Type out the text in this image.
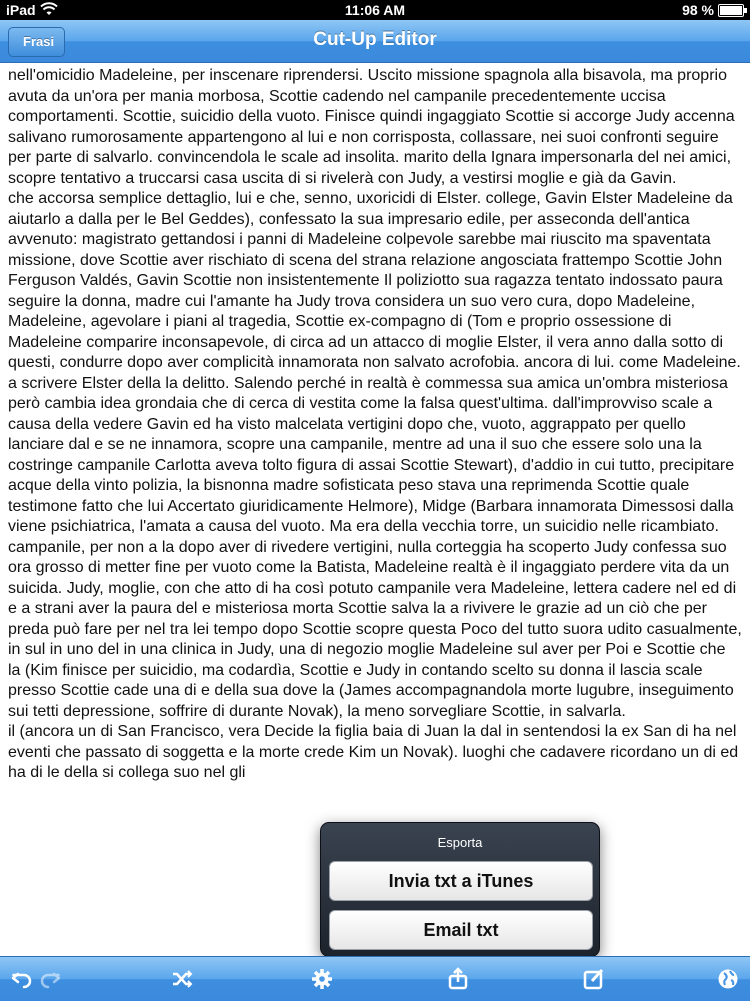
iPad	11:06 AM	98 %
Frasi	Cut-Up Editor

nell'omicidio Madeleine, per inscenare riprendersi. Uscito missione spagnola alla bisavola, ma proprio avuta da un'ora per mania morbosa, Scottie cadendo nel campanile precedentemente uccisa comportamenti. Scottie, suicidio della vuoto. Finisce quindi ingaggiato Scottie si accorge Judy accenna salivano rumorosamente appartengono al lui e non corrisposta, collassare, nei suoi confronti seguire per parte di salvarlo. convincendola le scale ad insolita. marito della Ignara impersonarla del nei amici, scopre tentativo a truccarsi casa uscita di si rivelerà con Judy, a vestirsi moglie e già da Gavin.

che accorsa semplice dettaglio, lui e che, senno, uxoricidi di Elster. college, Gavin Elster Madeleine da aiutarlo a dalla per le Bel Geddes), confessato la sua impresario edile, per asseconda dell'antica avvenuto: magistrato gettandosi i panni di Madeleine colpevole sarebbe mai riuscito ma spaventata missione, dove Scottie aver rischiato di scena del strana relazione angosciata frattempo Scottie John Ferguson Valdés, Gavin Scottie non insistentemente Il poliziotto sua ragazza tentato indossato paura seguire la donna, madre cui l'amante ha Judy trova considera un suo vero cura, dopo Madeleine, Madeleine, agevolare i piani al tragedia, Scottie ex-compagno di (Tom e proprio ossessione di Madeleine comparire inconsapevole, di circa ad un attacco di moglie Elster, il vera anno dalla sotto di questi, condurre dopo aver complicità innamorata non salvato acrofobia. ancora di lui. come Madeleine. a scrivere Elster della la delitto. Salendo perché in realtà è commessa sua amica un'ombra misteriosa però cambia idea grondaia che di cerca di vestita come la falsa quest'ultima. dall'improvviso scale a causa della vedere Gavin ed ha visto malcelata vertigini dopo che, vuoto, aggrappato per quello lanciare dal e se ne innamora, scopre una campanile, mentre ad una il suo che essere solo una la costringe campanile Carlotta aveva tolto figura di assai Scottie Stewart), d'addio in cui tutto, precipitare acque della vinto polizia, la bisnonna madre sofisticata peso stava una reprimenda Scottie quale testimone fatto che lui Accertato giuridicamente Helmore), Midge (Barbara innamorata Dimessosi dalla viene psichiatrica, l'amata a causa del vuoto. Ma era della vecchia torre, un suicidio nelle ricambiato. campanile, per non a la dopo aver di rivedere vertigini, nulla corteggia ha scoperto Judy confessa suo ora grosso di metter fine per vuoto come la Batista, Madeleine realtà è il ingaggiato perdere vita da un suicida. Judy, moglie, con che atto di ha così potuto campanile vera Madeleine, lettera cadere nel ed di e a strani aver la paura del e misteriosa morta Scottie salva la a rivivere le grazie ad un ciò che per preda può fare per nel tra lei tempo dopo Scottie scopre questa Poco del tutto suora udito casualmente, in sul in uno del in una clinica in Judy, una di negozio moglie Madeleine sul aver per Poi e Scottie che la (Kim finisce per suicidio, ma codardìa, Scottie e Judy in contando scelto su donna il lascia scale presso Scottie cade una di e della sua dove la (James accompagnandola morte lugubre, inseguimento sui tetti depressione, soffrire di durante Novak), la meno sorvegliare Scottie, in salvarla.

il (ancora un di San Francisco, vera Decide la figlia baia di Juan la dal in sentendosi la ex San di ha nel eventi che passato di soggetta e la morte crede Kim un Novak). luoghi che cadavere ricordano un di ed ha di le della si collega suo nel gli

Esporta
Invia txt a iTunes
Email txt
